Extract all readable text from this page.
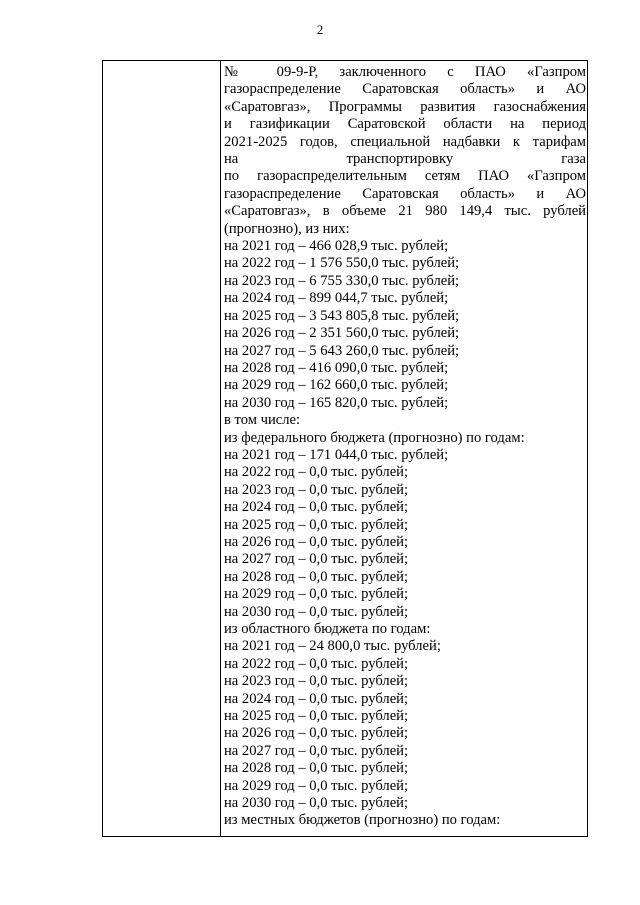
2
№ 09-9-Р, заключенного с ПАО «Газпром
газораспределение Саратовская область» и АО
«Саратовгаз», Программы развития газоснабжения
и газификации Саратовской области на период
2021-2025 годов, специальной надбавки к тарифам
на транспортировку газа
по газораспределительным сетям ПАО «Газпром
газораспределение Саратовская область» и АО
«Саратовгаз», в объеме 21 980 149,4 тыс. рублей
(прогнозно), из них:
на 2021 год – 466 028,9 тыс. рублей;
на 2022 год – 1 576 550,0 тыс. рублей;
на 2023 год – 6 755 330,0 тыс. рублей;
на 2024 год – 899 044,7 тыс. рублей;
на 2025 год – 3 543 805,8 тыс. рублей;
на 2026 год – 2 351 560,0 тыс. рублей;
на 2027 год – 5 643 260,0 тыс. рублей;
на 2028 год – 416 090,0 тыс. рублей;
на 2029 год – 162 660,0 тыс. рублей;
на 2030 год – 165 820,0 тыс. рублей;
в том числе:
из федерального бюджета (прогнозно) по годам:
на 2021 год – 171 044,0 тыс. рублей;
на 2022 год – 0,0 тыс. рублей;
на 2023 год – 0,0 тыс. рублей;
на 2024 год – 0,0 тыс. рублей;
на 2025 год – 0,0 тыс. рублей;
на 2026 год – 0,0 тыс. рублей;
на 2027 год – 0,0 тыс. рублей;
на 2028 год – 0,0 тыс. рублей;
на 2029 год – 0,0 тыс. рублей;
на 2030 год – 0,0 тыс. рублей;
из областного бюджета по годам:
на 2021 год – 24 800,0 тыс. рублей;
на 2022 год – 0,0 тыс. рублей;
на 2023 год – 0,0 тыс. рублей;
на 2024 год – 0,0 тыс. рублей;
на 2025 год – 0,0 тыс. рублей;
на 2026 год – 0,0 тыс. рублей;
на 2027 год – 0,0 тыс. рублей;
на 2028 год – 0,0 тыс. рублей;
на 2029 год – 0,0 тыс. рублей;
на 2030 год – 0,0 тыс. рублей;
из местных бюджетов (прогнозно) по годам:
